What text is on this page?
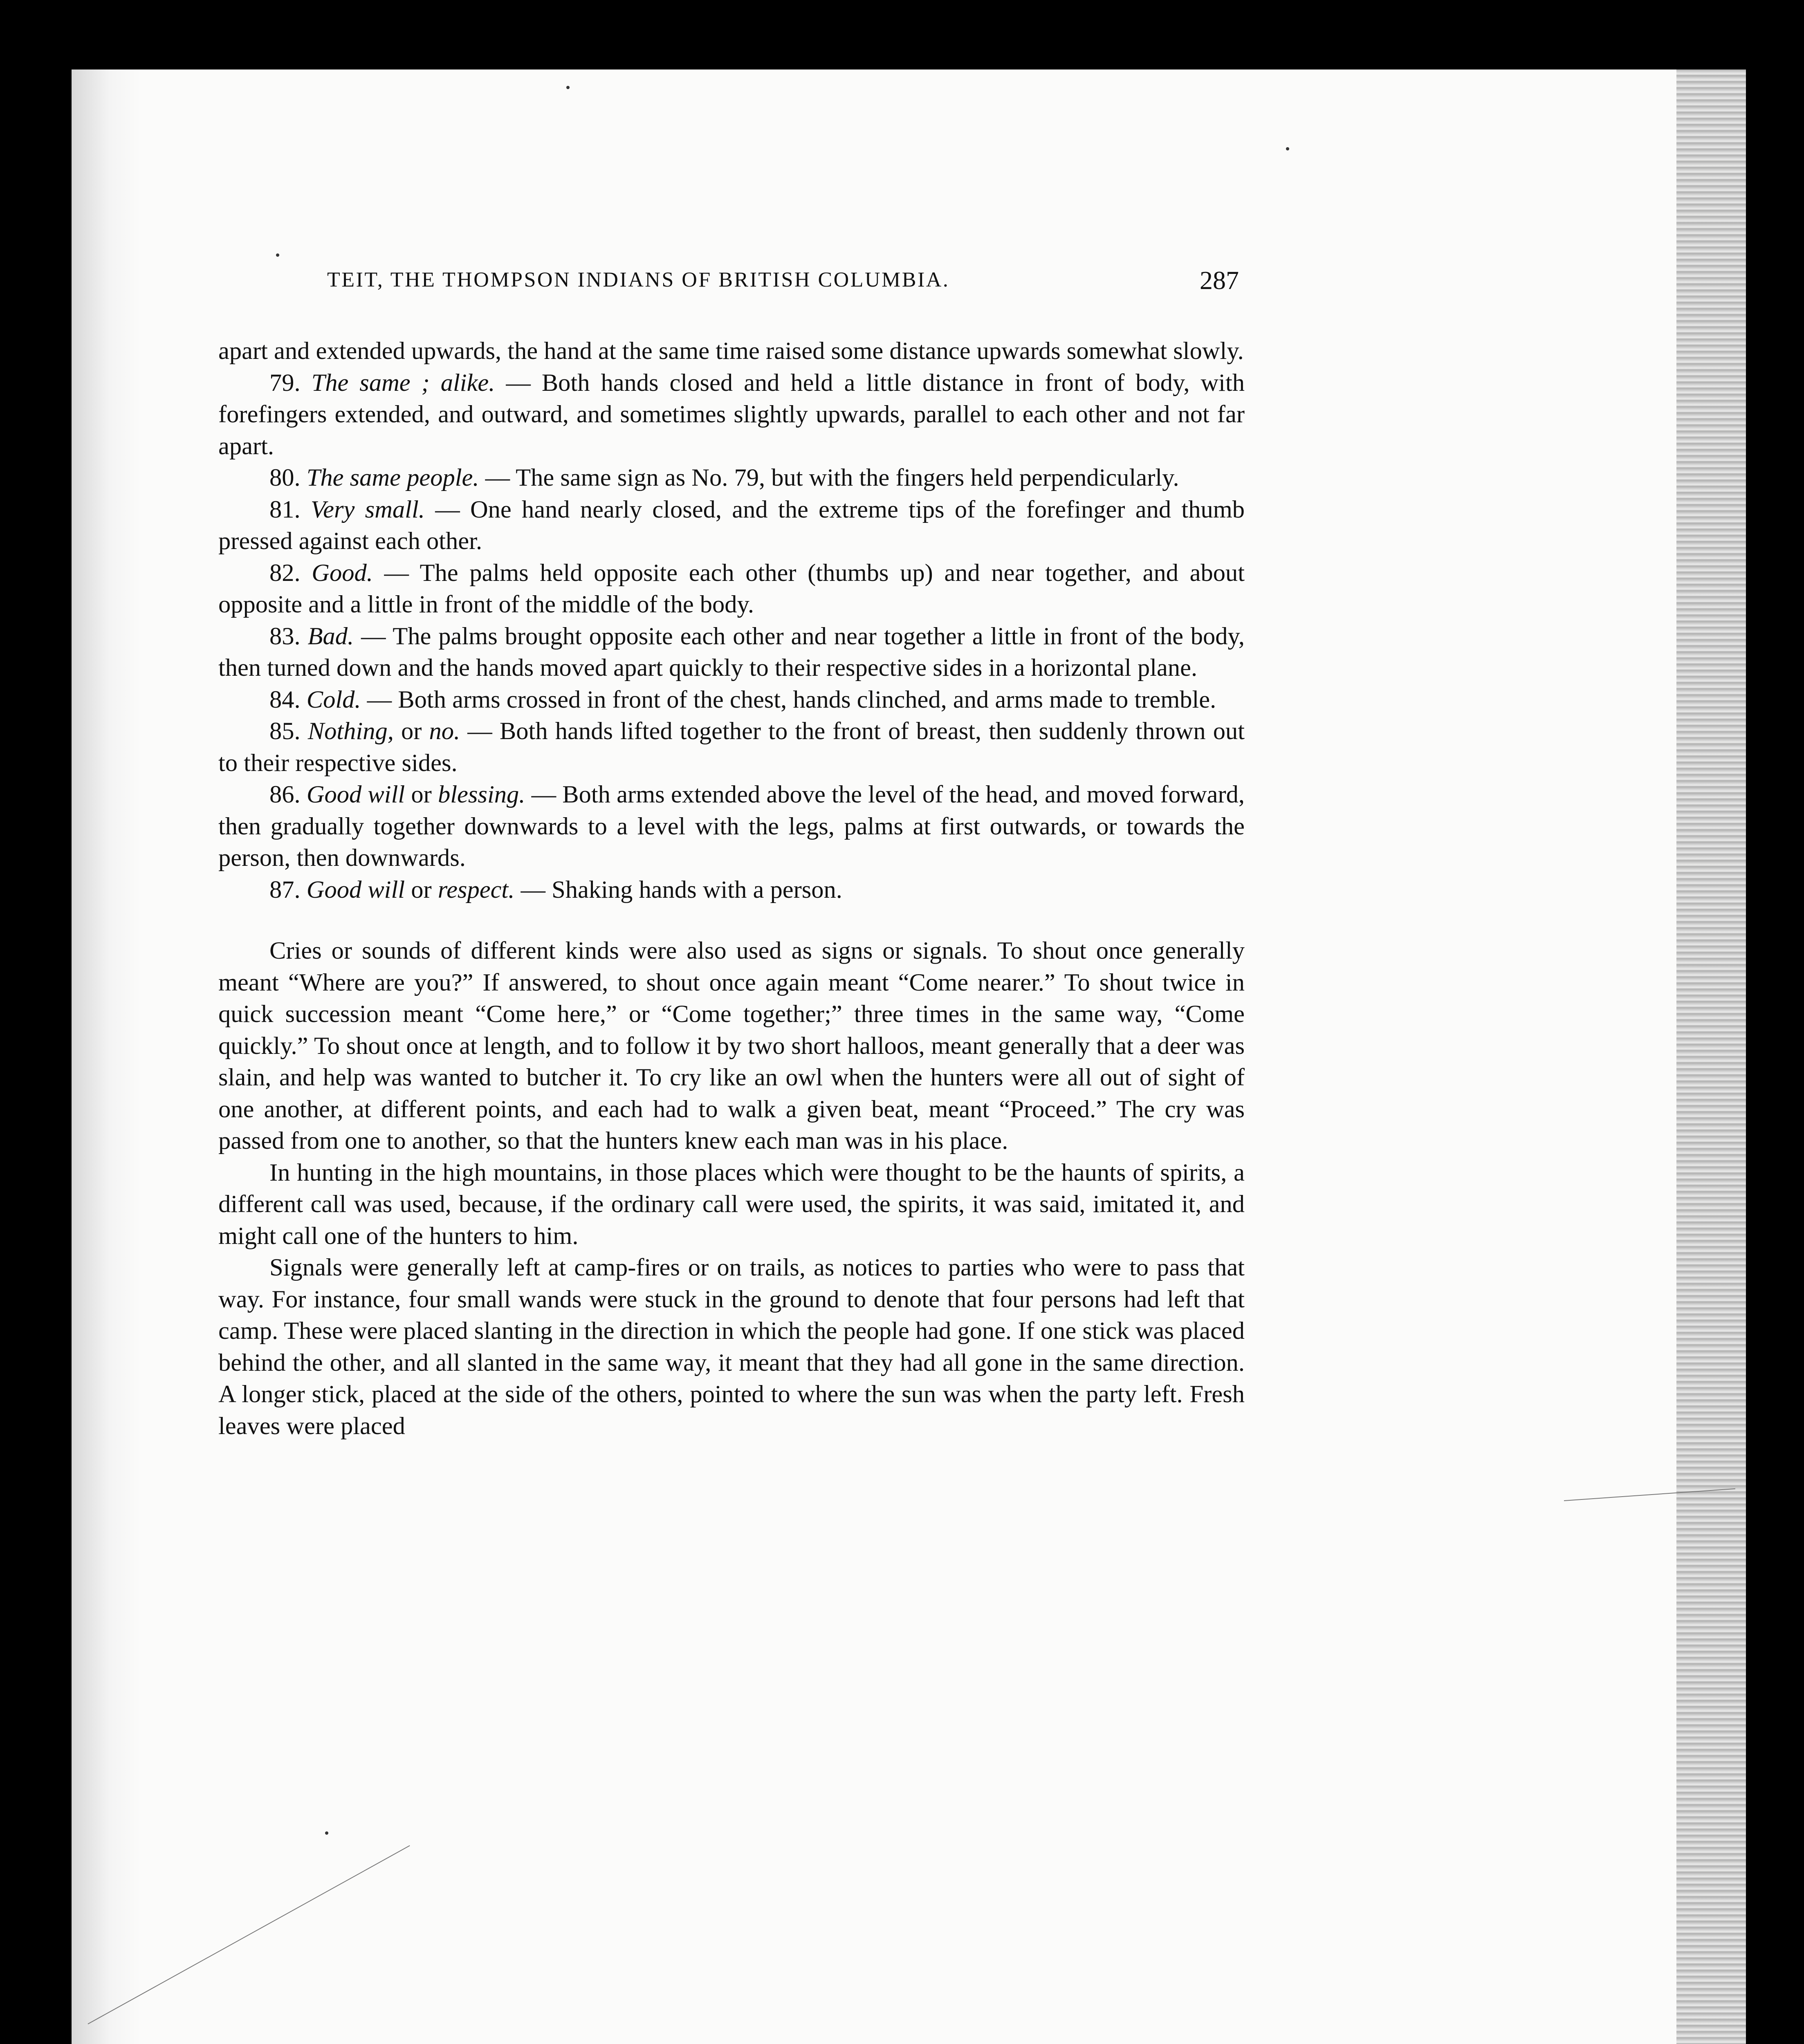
TEIT, THE THOMPSON INDIANS OF BRITISH COLUMBIA.	287

apart and extended upwards, the hand at the same time raised some distance upwards somewhat slowly.

79. The same ; alike. — Both hands closed and held a little distance in front of body, with forefingers extended, and outward, and sometimes slightly upwards, parallel to each other and not far apart.

80. The same people. — The same sign as No. 79, but with the fingers held perpendicularly.

81. Very small. — One hand nearly closed, and the extreme tips of the forefinger and thumb pressed against each other.

82. Good. — The palms held opposite each other (thumbs up) and near together, and about opposite and a little in front of the middle of the body.

83. Bad. — The palms brought opposite each other and near together a little in front of the body, then turned down and the hands moved apart quickly to their respective sides in a horizontal plane.

84. Cold. — Both arms crossed in front of the chest, hands clinched, and arms made to tremble.

85. Nothing, or no. — Both hands lifted together to the front of breast, then suddenly thrown out to their respective sides.

86. Good will or blessing. — Both arms extended above the level of the head, and moved forward, then gradually together downwards to a level with the legs, palms at first outwards, or towards the person, then downwards.

87. Good will or respect. — Shaking hands with a person.

Cries or sounds of different kinds were also used as signs or signals. To shout once generally meant “Where are you?” If answered, to shout once again meant “Come nearer.” To shout twice in quick succession meant “Come here,” or “Come together;” three times in the same way, “Come quickly.” To shout once at length, and to follow it by two short halloos, meant generally that a deer was slain, and help was wanted to butcher it. To cry like an owl when the hunters were all out of sight of one another, at different points, and each had to walk a given beat, meant “Proceed.” The cry was passed from one to another, so that the hunters knew each man was in his place.

In hunting in the high mountains, in those places which were thought to be the haunts of spirits, a different call was used, because, if the ordinary call were used, the spirits, it was said, imitated it, and might call one of the hunters to him.

Signals were generally left at camp-fires or on trails, as notices to parties who were to pass that way. For instance, four small wands were stuck in the ground to denote that four persons had left that camp. These were placed slanting in the direction in which the people had gone. If one stick was placed behind the other, and all slanted in the same way, it meant that they had all gone in the same direction. A longer stick, placed at the side of the others, pointed to where the sun was when the party left. Fresh leaves were placed
